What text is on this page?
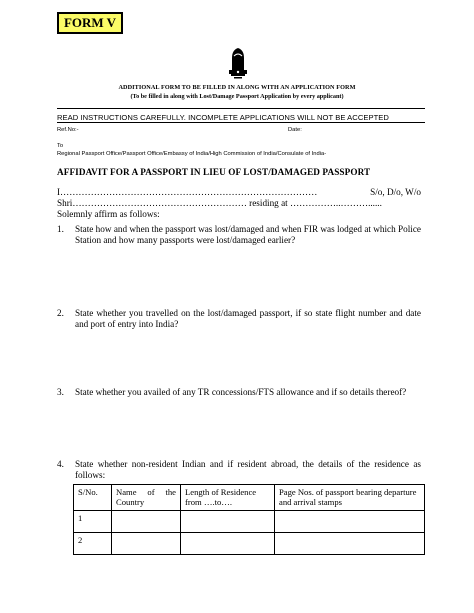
FORM V
ADDITIONAL FORM TO BE FILLED IN ALONG WITH AN APPLICATION FORM
(To be filled in along with Lost/Damage Passport Application by every applicant)
READ INSTRUCTIONS CAREFULLY. INCOMPLETE APPLICATIONS WILL NOT BE ACCEPTED
Ref.No:-	Date:
To
Regional Passport Office/Passport Office/Embassy of India/High Commission of India/Consulate of India-
AFFIDAVIT FOR A PASSPORT IN LIEU OF LOST/DAMAGED PASSPORT
I…………………………………………………………………………	S/o, D/o, W/o
Shri………………………………………………… residing at ……………..………......
Solemnly affirm as follows:
1.	State how and when the passport was lost/damaged and when FIR was lodged at which Police Station and how many passports were lost/damaged earlier?
2.	State whether you travelled on the lost/damaged passport, if so state flight number and date and port of entry into India?
3.	State whether you availed of any TR concessions/FTS allowance and if so details thereof?
4.	State whether non-resident Indian and if resident abroad, the details of the residence as follows:
S/No.	Name of the Country	Length of Residence from ….to….	Page Nos. of passport bearing departure and arrival stamps
1			
2			
